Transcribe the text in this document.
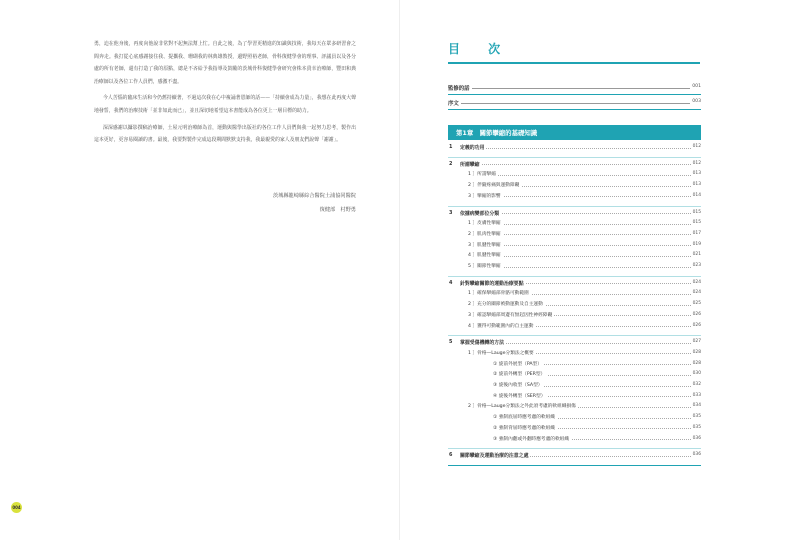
勇，迫在他身後，再度向他說非常對不起無法幫上忙。自此之後，為了學習更精進的知識與技術，我每天在眾多研習會之間奔走。我打從心底感謝接住我、提攜我、珊瑚我的林典雄教授，邊野照裕老師，骨科復健學會的理事、評議員以及各分處的所有老師，還有打造了我的原點，總是不吝給予我指導及鼓勵的茨城骨科復健學會研究會株本貴幸治療師，豐田和典治療師以及各位工作人員們，感激不盡。

今人苦惱的臨床生活和今仍舊持續著，不過這次我在心中複誦著恩師的話——「持續會成為力量」，我想在此再度大聲地發誓，我們的治療技術「並非如此而已」，並且深切地希望這本書能成為各位更上一層目標的助力。

深深感謝以攝影撰稿治療師，土屋元明治療師為首，運動與醫學出版社的各位工作人員們與我一起努力思考，製作出這本更好，更容易閱讀的書。最後，我要對製作完成這段期間默默支持我，我最親愛的家人及朋友們說聲「謝謝」。

茨城縣龍崎縣綜合醫院土浦協同醫院
復健部　村野勇
004
目 次
監修的話	001
序文	003
第1章　關節攣縮的基礎知識
1 定義的功用	012
2 所謂攣縮	012
1 ］所謂攣縮	013
2 ］伴隨疼痛與運動障礙	013
3 ］攣縮的影響	014
3 依據病變部位分類	015
1 ］皮膚性攣縮	015
2 ］肌肉性攣縮	017
3 ］肌腱性攣縮	019
4 ］肌腱性攣縮	021
5 ］關節性攣縮	023
4 針對攣縮關節的運動治療要點	024
1 ］確保攣縮部骨骼可動範圍	024
2 ］充分的關節被動運動及自主運動	025
3 ］確認攣縮部周邊有無起因性神經障礙	026
4 ］獲得可動範圍內的自主運動	026
5 掌握受傷機轉的方法	027
1 ］骨格—Lauge分類法之概要	028
① 旋前外展型（PA型）	028
② 旋前外轉型（PER型）	030
③ 旋後內收型（SA型）	032
④ 旋後外轉型（SER型）	033
2 ］骨格—Lauge分類法之外此須考慮的軟組織損傷	034
① 強制底屈時應考慮的軟組織	035
② 強制背屈時應考慮的軟組織	035
③ 強制內翻或外翻時應考慮的軟組織	036
6 關節攣縮及運動治療的注意之處	036
